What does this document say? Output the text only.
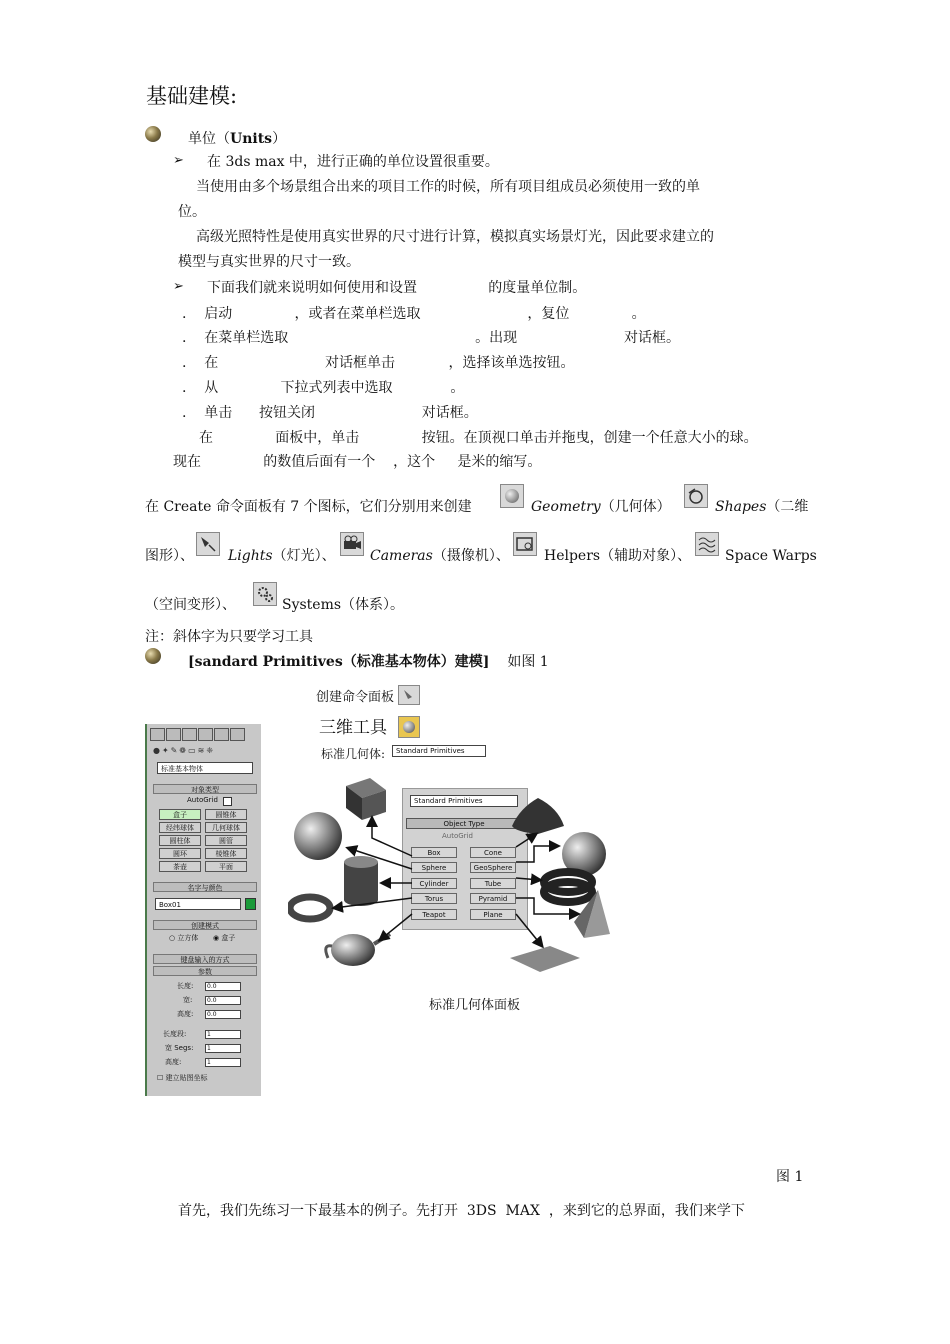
基础建模:
单位（Units）
➢ 在 3ds max 中，进行正确的单位设置很重要。
当使用由多个场景组合出来的项目工作的时候，所有项目组成员必须使用一致的单
位。
高级光照特性是使用真实世界的尺寸进行计算，模拟真实场景灯光，因此要求建立的
模型与真实世界的尺寸一致。
➢ 下面我们就来说明如何使用和设置                的度量单位制。
.    启动              ，或者在菜单栏选取                        ，复位              。
.    在菜单栏选取                                          。出现                        对话框。
.    在                        对话框单击            ，选择该单选按钮。
.    从              下拉式列表中选取             。
.    单击      按钮关闭                        对话框。
在              面板中，单击              按钮。在顶视口单击并拖曳，创建一个任意大小的球。
现在              的数值后面有一个    ，这个     是米的缩写。
在 Create 命令面板有 7 个图标，它们分别用来创建	Geometry（几何体）	Shapes（二维
图形）、 Lights（灯光）、 Cameras（摄像机）、 Helpers（辅助对象）、 Space Warps
（空间变形）、	Systems（体系）。
注：斜体字为只要学习工具
[sandard Primitives（标准基本物体）建模] 如图 1
●✦✎❁▭≋❈
标准基本物体
对象类型
AutoGrid
盒子	圆锥体
经纬球体	几何球体
圆柱体	圆管
圆环	棱锥体
茶壶	平面
名字与颜色
Box01
创建模式
○ 立方体 ◉ 盒子
键盘输入的方式
参数
长度:	0.0
宽:	0.0
高度:	0.0
长度段:	1
宽 Segs:	1
高度:	1
☐ 建立贴图坐标
创建命令面板
三维工具
标准几何体:	Standard Primitives
Standard Primitives
Object Type
AutoGrid
Box	Cone
Sphere	GeoSphere
Cylinder	Tube
Torus	Pyramid
Teapot	Plane
标准几何体面板
图 1
首先，我们先练习一下最基本的例子。先打开  3DS  MAX  ，来到它的总界面，我们来学下
